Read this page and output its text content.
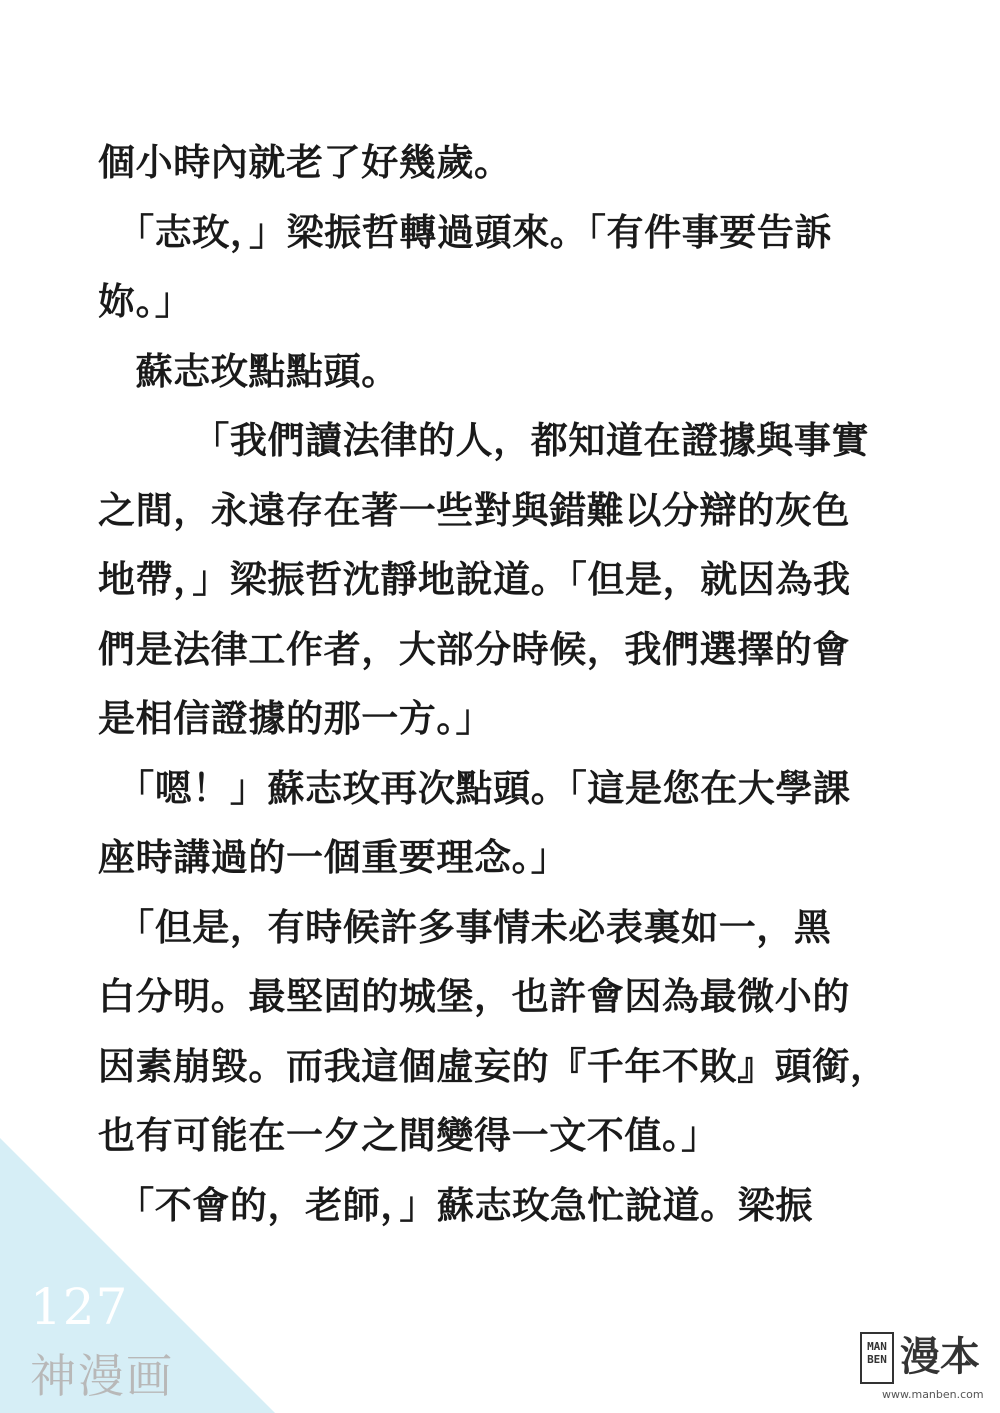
個小時內就老了好幾歲。
　「志玫，」梁振哲轉過頭來。「有件事要告訴
妳。」
　蘇志玫點點頭。
　　　「我們讀法律的人，都知道在證據與事實
之間，永遠存在著一些對與錯難以分辯的灰色
地帶，」梁振哲沈靜地說道。「但是，就因為我
們是法律工作者，大部分時候，我們選擇的會
是相信證據的那一方。」
　「嗯！」蘇志玫再次點頭。「這是您在大學課
座時講過的一個重要理念。」
　「但是，有時候許多事情未必表裏如一，黑
白分明。最堅固的城堡，也許會因為最微小的
因素崩毀。而我這個虛妄的『千年不敗』頭銜，
也有可能在一夕之間變得一文不值。」
　「不會的，老師，」蘇志玫急忙說道。梁振
127
神漫画
MAN BEN 漫本
www.manben.com
